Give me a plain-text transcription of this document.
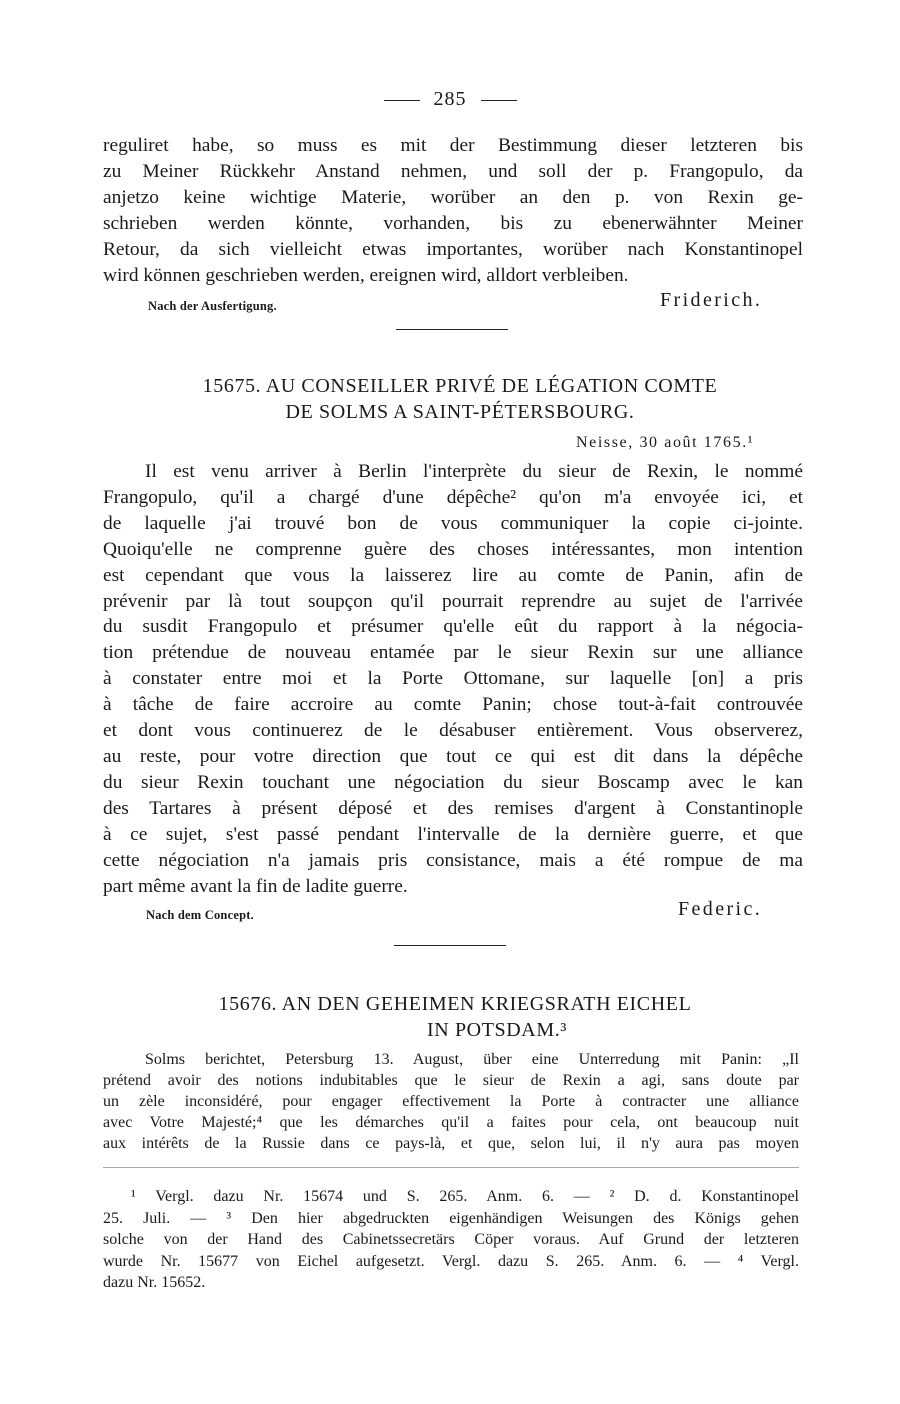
285
reguliret habe, so muss es mit der Bestimmung dieser letzteren bis
zu Meiner Rückkehr Anstand nehmen, und soll der p. Frangopulo, da
anjetzo keine wichtige Materie, worüber an den p. von Rexin ge-
schrieben werden könnte, vorhanden, bis zu ebenerwähnter Meiner
Retour, da sich vielleicht etwas importantes, worüber nach Konstantinopel
wird können geschrieben werden, ereignen wird, alldort verbleiben.
Nach der Ausfertigung.	Friderich.
15675. AU CONSEILLER PRIVÉ DE LÉGATION COMTE
DE SOLMS A SAINT-PÉTERSBOURG.
Neisse, 30 août 1765.¹
Il est venu arriver à Berlin l'interprète du sieur de Rexin, le nommé
Frangopulo, qu'il a chargé d'une dépêche² qu'on m'a envoyée ici, et
de laquelle j'ai trouvé bon de vous communiquer la copie ci-jointe.
Quoiqu'elle ne comprenne guère des choses intéressantes, mon intention
est cependant que vous la laisserez lire au comte de Panin, afin de
prévenir par là tout soupçon qu'il pourrait reprendre au sujet de l'arrivée
du susdit Frangopulo et présumer qu'elle eût du rapport à la négocia-
tion prétendue de nouveau entamée par le sieur Rexin sur une alliance
à constater entre moi et la Porte Ottomane, sur laquelle [on] a pris
à tâche de faire accroire au comte Panin; chose tout-à-fait controuvée
et dont vous continuerez de le désabuser entièrement. Vous observerez,
au reste, pour votre direction que tout ce qui est dit dans la dépêche
du sieur Rexin touchant une négociation du sieur Boscamp avec le kan
des Tartares à présent déposé et des remises d'argent à Constantinople
à ce sujet, s'est passé pendant l'intervalle de la dernière guerre, et que
cette négociation n'a jamais pris consistance, mais a été rompue de ma
part même avant la fin de ladite guerre.
Nach dem Concept.	Federic.
15676. AN DEN GEHEIMEN KRIEGSRATH EICHEL
IN POTSDAM.³
Solms berichtet, Petersburg 13. August, über eine Unterredung mit Panin: „Il
prétend avoir des notions indubitables que le sieur de Rexin a agi, sans doute par
un zèle inconsidéré, pour engager effectivement la Porte à contracter une alliance
avec Votre Majesté;⁴ que les démarches qu'il a faites pour cela, ont beaucoup nuit
aux intérêts de la Russie dans ce pays-là, et que, selon lui, il n'y aura pas moyen
¹ Vergl. dazu Nr. 15674 und S. 265. Anm. 6. — ² D. d. Konstantinopel
25. Juli. — ³ Den hier abgedruckten eigenhändigen Weisungen des Königs gehen
solche von der Hand des Cabinetssecretärs Cöper voraus. Auf Grund der letzteren
wurde Nr. 15677 von Eichel aufgesetzt. Vergl. dazu S. 265. Anm. 6. — ⁴ Vergl.
dazu Nr. 15652.
